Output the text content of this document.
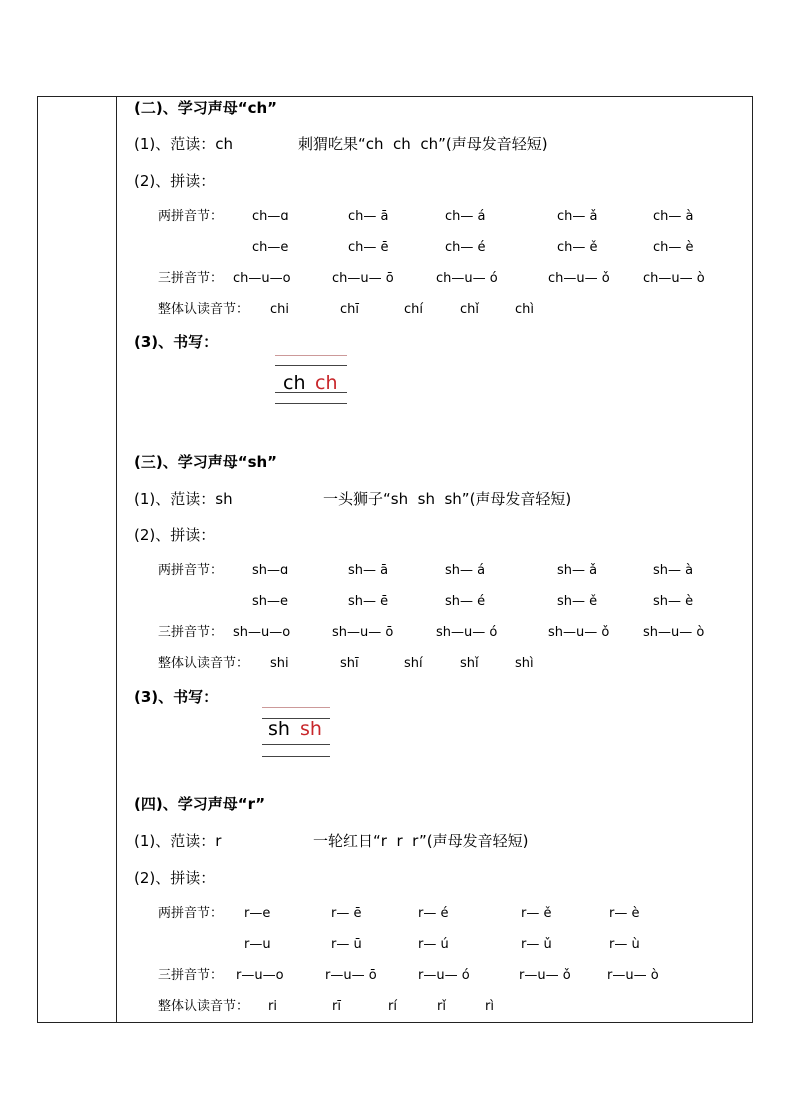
(二)、学习声母“ch”
(1)、范读：ch	刺猬吃果“ch  ch  ch”(声母发音轻短)
(2)、拼读：
两拼音节： ch—ɑ	ch— ā	ch— á	ch— ǎ	ch— à
ch—e	ch— ē	ch— é	ch— ě	ch— è
三拼音节： ch—u—o	ch—u— ō	ch—u— ó	ch—u— ǒ	ch—u— ò
整体认读音节： chi	chī	chí	chǐ	chì
(3)、书写：
ch ch
(三)、学习声母“sh”
(1)、范读：sh	一头狮子“sh  sh  sh”(声母发音轻短)
(2)、拼读：
两拼音节： sh—ɑ	sh— ā	sh— á	sh— ǎ	sh— à
sh—e	sh— ē	sh— é	sh— ě	sh— è
三拼音节： sh—u—o	sh—u— ō	sh—u— ó	sh—u— ǒ	sh—u— ò
整体认读音节： shi	shī	shí	shǐ	shì
(3)、书写：
sh sh
(四)、学习声母“r”
(1)、范读：r	一轮红日“r  r  r”(声母发音轻短)
(2)、拼读：
两拼音节： r—e	r— ē	r— é	r— ě	r— è
r—u	r— ū	r— ú	r— ǔ	r— ù
三拼音节： r—u—o	r—u— ō	r—u— ó	r—u— ǒ	r—u— ò
整体认读音节： ri	rī	rí	rǐ	rì
